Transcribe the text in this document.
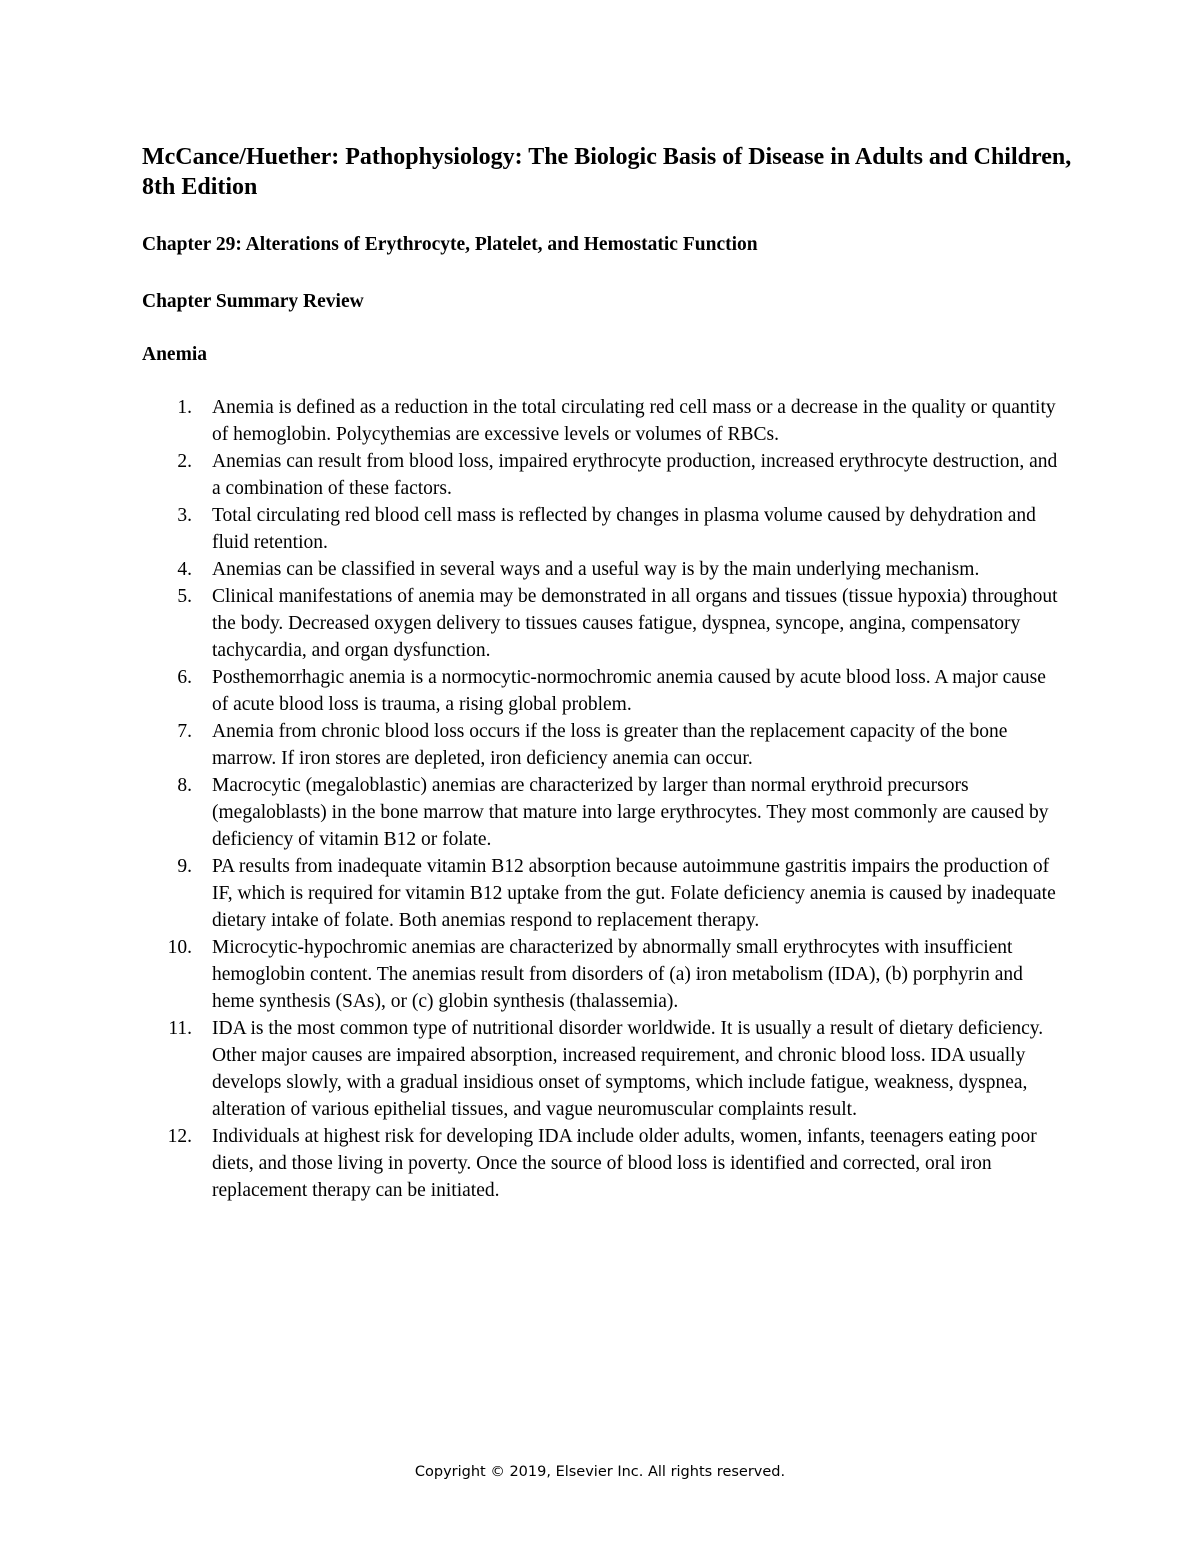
McCance/Huether: Pathophysiology: The Biologic Basis of Disease in Adults and Children, 8th Edition
Chapter 29: Alterations of Erythrocyte, Platelet, and Hemostatic Function
Chapter Summary Review
Anemia
1. Anemia is defined as a reduction in the total circulating red cell mass or a decrease in the quality or quantity of hemoglobin. Polycythemias are excessive levels or volumes of RBCs.
2. Anemias can result from blood loss, impaired erythrocyte production, increased erythrocyte destruction, and a combination of these factors.
3. Total circulating red blood cell mass is reflected by changes in plasma volume caused by dehydration and fluid retention.
4. Anemias can be classified in several ways and a useful way is by the main underlying mechanism.
5. Clinical manifestations of anemia may be demonstrated in all organs and tissues (tissue hypoxia) throughout the body. Decreased oxygen delivery to tissues causes fatigue, dyspnea, syncope, angina, compensatory tachycardia, and organ dysfunction.
6. Posthemorrhagic anemia is a normocytic-normochromic anemia caused by acute blood loss. A major cause of acute blood loss is trauma, a rising global problem.
7. Anemia from chronic blood loss occurs if the loss is greater than the replacement capacity of the bone marrow. If iron stores are depleted, iron deficiency anemia can occur.
8. Macrocytic (megaloblastic) anemias are characterized by larger than normal erythroid precursors (megaloblasts) in the bone marrow that mature into large erythrocytes. They most commonly are caused by deficiency of vitamin B12 or folate.
9. PA results from inadequate vitamin B12 absorption because autoimmune gastritis impairs the production of IF, which is required for vitamin B12 uptake from the gut. Folate deficiency anemia is caused by inadequate dietary intake of folate. Both anemias respond to replacement therapy.
10. Microcytic-hypochromic anemias are characterized by abnormally small erythrocytes with insufficient hemoglobin content. The anemias result from disorders of (a) iron metabolism (IDA), (b) porphyrin and heme synthesis (SAs), or (c) globin synthesis (thalassemia).
11. IDA is the most common type of nutritional disorder worldwide. It is usually a result of dietary deficiency. Other major causes are impaired absorption, increased requirement, and chronic blood loss. IDA usually develops slowly, with a gradual insidious onset of symptoms, which include fatigue, weakness, dyspnea, alteration of various epithelial tissues, and vague neuromuscular complaints result.
12. Individuals at highest risk for developing IDA include older adults, women, infants, teenagers eating poor diets, and those living in poverty. Once the source of blood loss is identified and corrected, oral iron replacement therapy can be initiated.
Copyright © 2019, Elsevier Inc. All rights reserved.
